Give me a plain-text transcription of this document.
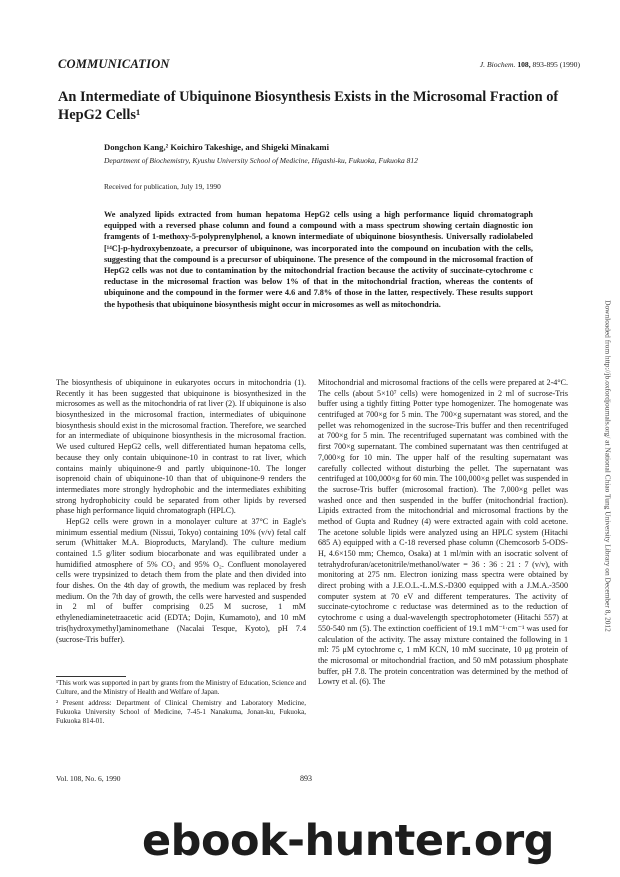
COMMUNICATION	J. Biochem. 108, 893-895 (1990)
An Intermediate of Ubiquinone Biosynthesis Exists in the Microsomal Fraction of HepG2 Cells¹
Dongchon Kang,² Koichiro Takeshige, and Shigeki Minakami
Department of Biochemistry, Kyushu University School of Medicine, Higashi-ku, Fukuoka, Fukuoka 812
Received for publication, July 19, 1990
We analyzed lipids extracted from human hepatoma HepG2 cells using a high performance liquid chromatograph equipped with a reversed phase column and found a compound with a mass spectrum showing certain diagnostic ion framgents of 1-methoxy-5-polyprenylphenol, a known intermediate of ubiquinone biosynthesis. Universally radiolabeled [¹⁴C]-p-hydroxybenzoate, a precursor of ubiquinone, was incorporated into the compound on incubation with the cells, suggesting that the compound is a precursor of ubiquinone. The presence of the compound in the microsomal fraction of HepG2 cells was not due to contamination by the mitochondrial fraction because the activity of succinate-cytochrome c reductase in the microsomal fraction was below 1% of that in the mitochondrial fraction, whereas the contents of ubiquinone and the compound in the former were 4.6 and 7.8% of those in the latter, respectively. These results support the hypothesis that ubiquinone biosynthesis might occur in microsomes as well as mitochondria.

The biosynthesis of ubiquinone in eukaryotes occurs in mitochondria (1). Recently it has been suggested that ubiquinone is biosynthesized in the microsomes as well as the mitochondria of rat liver (2). If ubiquinone is also biosynthesized in the microsomal fraction, intermediates of ubiquinone biosynthesis should exist in the microsomal fraction. Therefore, we searched for an intermediate of ubiquinone biosynthesis in the microsomal fraction. We used cultured HepG2 cells, well differentiated human hepatoma cells, because they only contain ubiquinone-10 in contrast to rat liver, which contains mainly ubiquinone-9 and partly ubiquinone-10. The longer isoprenoid chain of ubiquinone-10 than that of ubiquinone-9 renders the intermediates more strongly hydrophobic and the intermediates exhibiting strong hydrophobicity could be separated from other lipids by reversed phase high performance liquid chromatograph (HPLC).

HepG2 cells were grown in a monolayer culture at 37°C in Eagle's minimum essential medium (Nissui, Tokyo) containing 10% (v/v) fetal calf serum (Whittaker M.A. Bioproducts, Maryland). The culture medium contained 1.5 g/liter sodium biocarbonate and was equilibrated under a humidified atmosphere of 5% CO₂ and 95% O₂. Confluent monolayered cells were trypsinized to detach them from the plate and then divided into four dishes. On the 4th day of growth, the medium was replaced by fresh medium. On the 7th day of growth, the cells were harvested and suspended in 2 ml of buffer comprising 0.25 M sucrose, 1 mM ethylenediaminetetraacetic acid (EDTA; Dojin, Kumamoto), and 10 mM tris(hydroxymethyl)aminomethane (Nacalai Tesque, Kyoto), pH 7.4 (sucrose-Tris buffer).

Mitochondrial and microsomal fractions of the cells were prepared at 2-4°C. The cells (about 5×10⁷ cells) were homogenized in 2 ml of sucrose-Tris buffer using a tightly fitting Potter type homogenizer. The homogenate was centrifuged at 700×g for 5 min. The 700×g supernatant was stored, and the pellet was rehomogenized in the sucrose-Tris buffer and then recentrifuged at 700×g for 5 min. The recentrifuged supernatant was combined with the first 700×g supernatant. The combined supernatant was then centrifuged at 7,000×g for 10 min. The upper half of the resulting supernatant was carefully collected without disturbing the pellet. The supernatant was centrifuged at 100,000×g for 60 min. The 100,000×g pellet was suspended in the sucrose-Tris buffer (microsomal fraction). The 7,000×g pellet was washed once and then suspended in the buffer (mitochondrial fraction). Lipids extracted from the mitochondrial and microsomal fractions by the method of Gupta and Rudney (4) were extracted again with cold acetone. The acetone soluble lipids were analyzed using an HPLC system (Hitachi 685 A) equipped with a C-18 reversed phase column (Chemcosorb 5-ODS-H, 4.6×150 mm; Chemco, Osaka) at 1 ml/min with an isocratic solvent of tetrahydrofuran/acetonitrile/methanol/water = 36 : 36 : 21 : 7 (v/v), with monitoring at 275 nm. Electron ionizing mass spectra were obtained by direct probing with a J.E.O.L.-L.M.S.-D300 equipped with a J.M.A.-3500 computer system at 70 eV and different temperatures. The activity of succinate-cytochrome c reductase was determined as to the reduction of cytochrome c using a dual-wavelength spectrophotometer (Hitachi 557) at 550-540 nm (5). The extinction coefficient of 19.1 mM⁻¹·cm⁻¹ was used for calculation of the activity. The assay mixture contained the following in 1 ml: 75 μM cytochrome c, 1 mM KCN, 10 mM succinate, 10 μg protein of the microsomal or mitochondrial fraction, and 50 mM potassium phosphate buffer, pH 7.8. The protein concentration was determined by the method of Lowry et al. (6). The

¹This work was supported in part by grants from the Ministry of Education, Science and Culture, and the Ministry of Health and Welfare of Japan.

² Present address: Department of Clinical Chemistry and Laboratory Medicine, Fukuoka University School of Medicine, 7-45-1 Nanakuma, Jonan-ku, Fukuoka, Fukuoka 814-01.

Vol. 108, No. 6, 1990	893
Downloaded from http://jb.oxfordjournals.org/ at National Chiao Tung University Library on December 8, 2012
ebook-hunter.org
